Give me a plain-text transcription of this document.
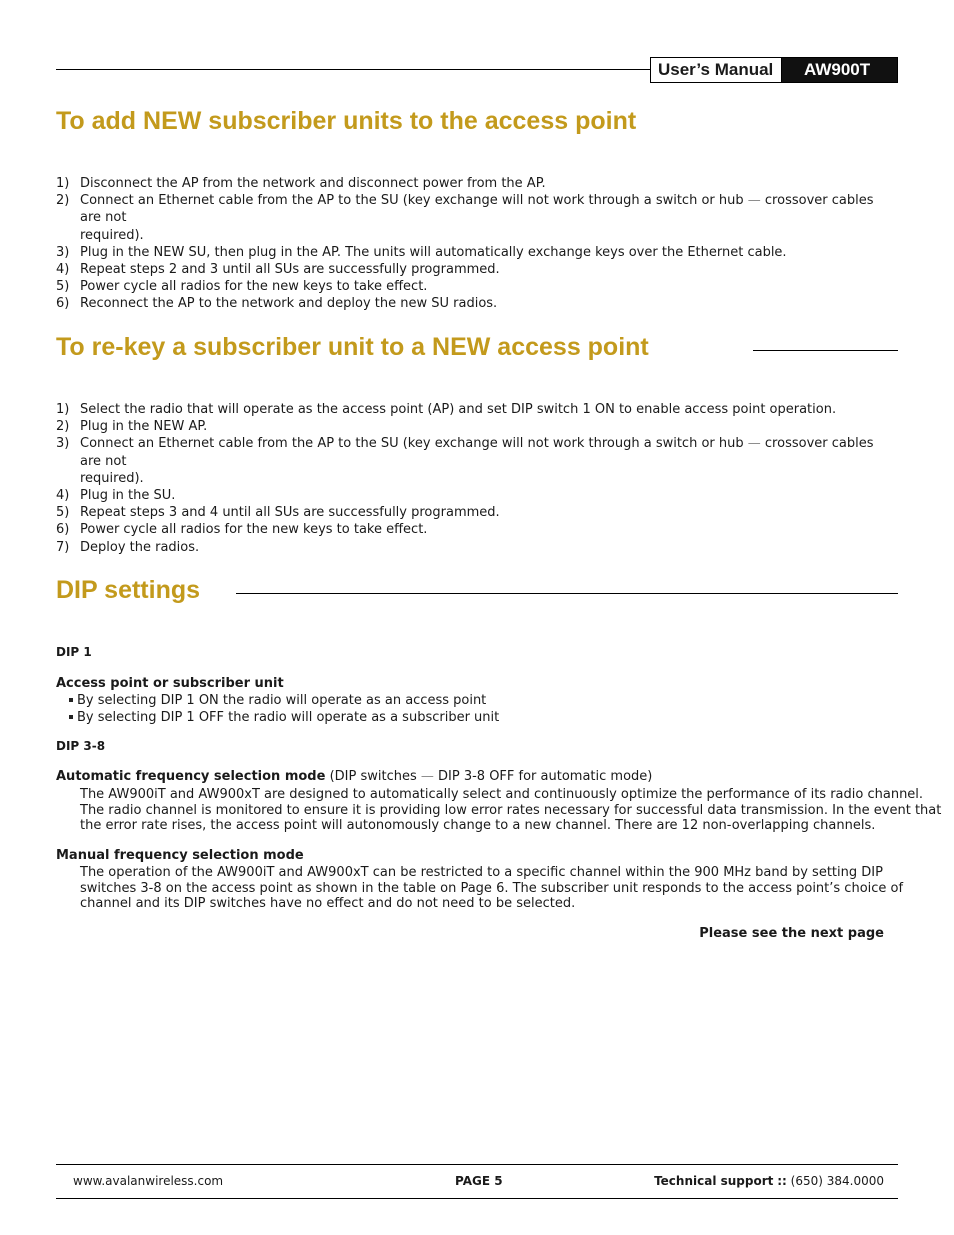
User’s Manual	AW900T
To add NEW subscriber units to the access point
1) Disconnect the AP from the network and disconnect power from the AP.
2) Connect an Ethernet cable from the AP to the SU (key exchange will not work through a switch or hub — crossover cables are not
required).
3) Plug in the NEW SU, then plug in the AP. The units will automatically exchange keys over the Ethernet cable.
4) Repeat steps 2 and 3 until all SUs are successfully programmed.
5) Power cycle all radios for the new keys to take effect.
6) Reconnect the AP to the network and deploy the new SU radios.
To re-key a subscriber unit to a NEW access point
1) Select the radio that will operate as the access point (AP) and set DIP switch 1 ON to enable access point operation.
2) Plug in the NEW AP.
3) Connect an Ethernet cable from the AP to the SU (key exchange will not work through a switch or hub — crossover cables are not
required).
4) Plug in the SU.
5) Repeat steps 3 and 4 until all SUs are successfully programmed.
6) Power cycle all radios for the new keys to take effect.
7) Deploy the radios.
DIP settings
DIP 1
Access point or subscriber unit
By selecting DIP 1 ON the radio will operate as an access point
By selecting DIP 1 OFF the radio will operate as a subscriber unit
DIP 3-8
Automatic frequency selection mode (DIP switches — DIP 3-8 OFF for automatic mode)
The AW900iT and AW900xT are designed to automatically select and continuously optimize the performance of its radio channel.
The radio channel is monitored to ensure it is providing low error rates necessary for successful data transmission. In the event that
the error rate rises, the access point will autonomously change to a new channel. There are 12 non-overlapping channels.
Manual frequency selection mode
The operation of the AW900iT and AW900xT can be restricted to a specific channel within the 900 MHz band by setting DIP
switches 3-8 on the access point as shown in the table on Page 6. The subscriber unit responds to the access point’s choice of
channel and its DIP switches have no effect and do not need to be selected.
Please see the next page
www.avalanwireless.com	PAGE 5	Technical support :: (650) 384.0000
